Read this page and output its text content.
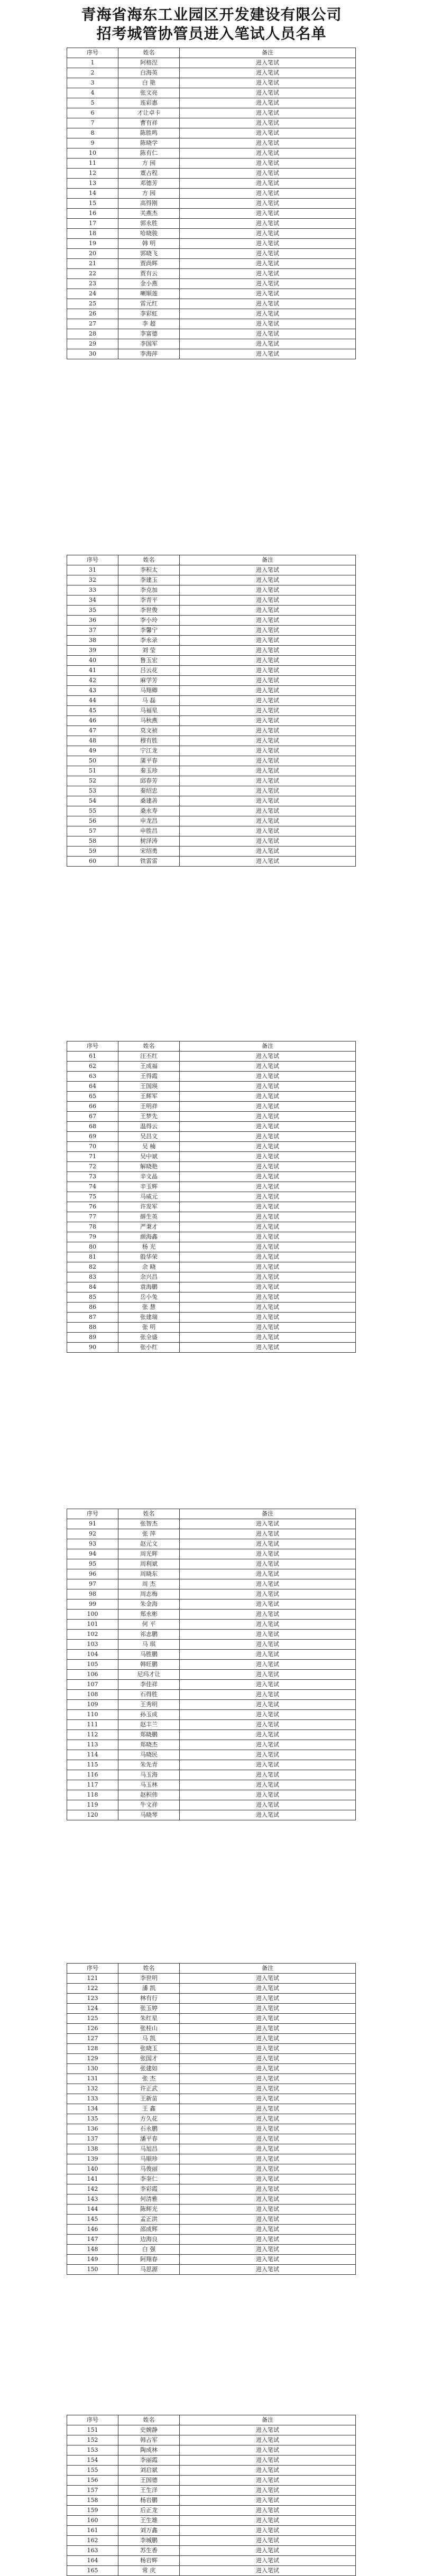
青海省海东工业园区开发建设有限公司
招考城管协管员进入笔试人员名单
序号	姓名	备注
1	阿格涅	进入笔试
2	白海英	进入笔试
3	白 艳	进入笔试
4	张文亮	进入笔试
5	连彩惠	进入笔试
6	才让卓卡	进入笔试
7	曹有祥	进入笔试
8	陈胜鸣	进入笔试
9	陈晓学	进入笔试
10	陈有仁	进入笔试
11	方 园	进入笔试
12	董占程	进入笔试
13	邓德芳	进入笔试
14	方 园	进入笔试
15	高得刚	进入笔试
16	关燕杰	进入笔试
17	郭永胜	进入笔试
18	哈晓骏	进入笔试
19	韩 明	进入笔试
20	郭晓飞	进入笔试
21	贾尚辉	进入笔试
22	贾有云	进入笔试
23	金小燕	进入笔试
24	喇顺莲	进入笔试
25	雷元红	进入笔试
26	李彩虹	进入笔试
27	李 超	进入笔试
28	李富德	进入笔试
29	李国军	进入笔试
30	李海萍	进入笔试
序号	姓名	备注
31	李积太	进入笔试
32	李建玉	进入笔试
33	李克加	进入笔试
34	李青平	进入笔试
35	李世俊	进入笔试
36	李小玲	进入笔试
37	李馨宁	进入笔试
38	李永录	进入笔试
39	刘 莹	进入笔试
40	鲁玉宏	进入笔试
41	吕云花	进入笔试
42	麻学芳	进入笔试
43	马翔卿	进入笔试
44	马 磊	进入笔试
45	马福星	进入笔试
46	马秋燕	进入笔试
47	莫文祯	进入笔试
48	穆有胜	进入笔试
49	宁江龙	进入笔试
50	蒲平春	进入笔试
51	秦玉珍	进入笔试
52	邱春芳	进入笔试
53	秦绍忠	进入笔试
54	桑建善	进入笔试
55	桑永寿	进入笔试
56	申龙昌	进入笔试
57	申胜昌	进入笔试
58	树泽涛	进入笔试
59	宋绍勇	进入笔试
60	铁雷雷	进入笔试
序号	姓名	备注
61	汪丕红	进入笔试
62	王成福	进入笔试
63	王得霞	进入笔试
64	王国瑛	进入笔试
65	王辉军	进入笔试
66	王明祥	进入笔试
67	王梦先	进入笔试
68	温得云	进入笔试
69	吴昌文	进入笔试
70	吴 楠	进入笔试
71	吴中斌	进入笔试
72	解晓艳	进入笔试
73	辛文晶	进入笔试
74	辛玉辉	进入笔试
75	马威元	进入笔试
76	许发军	进入笔试
77	薛生英	进入笔试
78	严秉才	进入笔试
79	颜海鑫	进入笔试
80	杨 光	进入笔试
81	殷华荣	进入笔试
82	余 晓	进入笔试
83	余兴昌	进入笔试
84	袁海鹏	进入笔试
85	岳小兔	进入笔试
86	张 慧	进入笔试
87	张建瑞	进入笔试
88	张 明	进入笔试
89	张全盛	进入笔试
90	张小红	进入笔试
序号	姓名	备注
91	张智杰	进入笔试
92	张 萍	进入笔试
93	赵元文	进入笔试
94	周光辉	进入笔试
95	周利斌	进入笔试
96	周晓东	进入笔试
97	周 杰	进入笔试
98	周志梅	进入笔试
99	朱金海	进入笔试
100	郑永彬	进入笔试
101	何 平	进入笔试
102	祁志鹏	进入笔试
103	马 琪	进入笔试
104	马胜鹏	进入笔试
105	韩旺鹏	进入笔试
106	尼玛才让	进入笔试
107	李佳祥	进入笔试
108	石得胜	进入笔试
109	王秀明	进入笔试
110	孙玉成	进入笔试
111	赵丰兰	进入笔试
112	郑晓鹏	进入笔试
113	郑晓杰	进入笔试
114	马晓民	进入笔试
115	朱先青	进入笔试
116	马玉海	进入笔试
117	马玉林	进入笔试
118	赵积伟	进入笔试
119	牛文祥	进入笔试
120	马晓琴	进入笔试
序号	姓名	备注
121	李世明	进入笔试
122	潘 凯	进入笔试
123	林有行	进入笔试
124	张玉婷	进入笔试
125	朱红星	进入笔试
126	张桂山	进入笔试
127	马 凯	进入笔试
128	张晓玉	进入笔试
129	张国才	进入笔试
130	张建如	进入笔试
131	张 杰	进入笔试
132	许正武	进入笔试
133	王新苗	进入笔试
134	王 鑫	进入笔试
135	方久花	进入笔试
136	石永鹏	进入笔试
137	潘平春	进入笔试
138	马旭昌	进入笔试
139	马顺珍	进入笔试
140	马俊丽	进入笔试
141	李奎仁	进入笔试
142	李彩霞	进入笔试
143	何清雅	进入笔试
144	陈辉光	进入笔试
145	孟正洪	进入笔试
146	邵成辉	进入笔试
147	边海良	进入笔试
148	白 强	进入笔试
149	阿翔春	进入笔试
150	马思源	进入笔试
序号	姓名	备注
151	史婉静	进入笔试
152	韩占军	进入笔试
153	陶成林	进入笔试
154	李丽霞	进入笔试
155	刘启斌	进入笔试
156	王国德	进入笔试
157	王生洋	进入笔试
158	杨岩鹏	进入笔试
159	后正龙	进入笔试
160	王生雄	进入笔试
161	刘万鑫	进入笔试
162	李城鹏	进入笔试
163	苏生香	进入笔试
164	杨岩辉	进入笔试
165	常 庆	进入笔试
